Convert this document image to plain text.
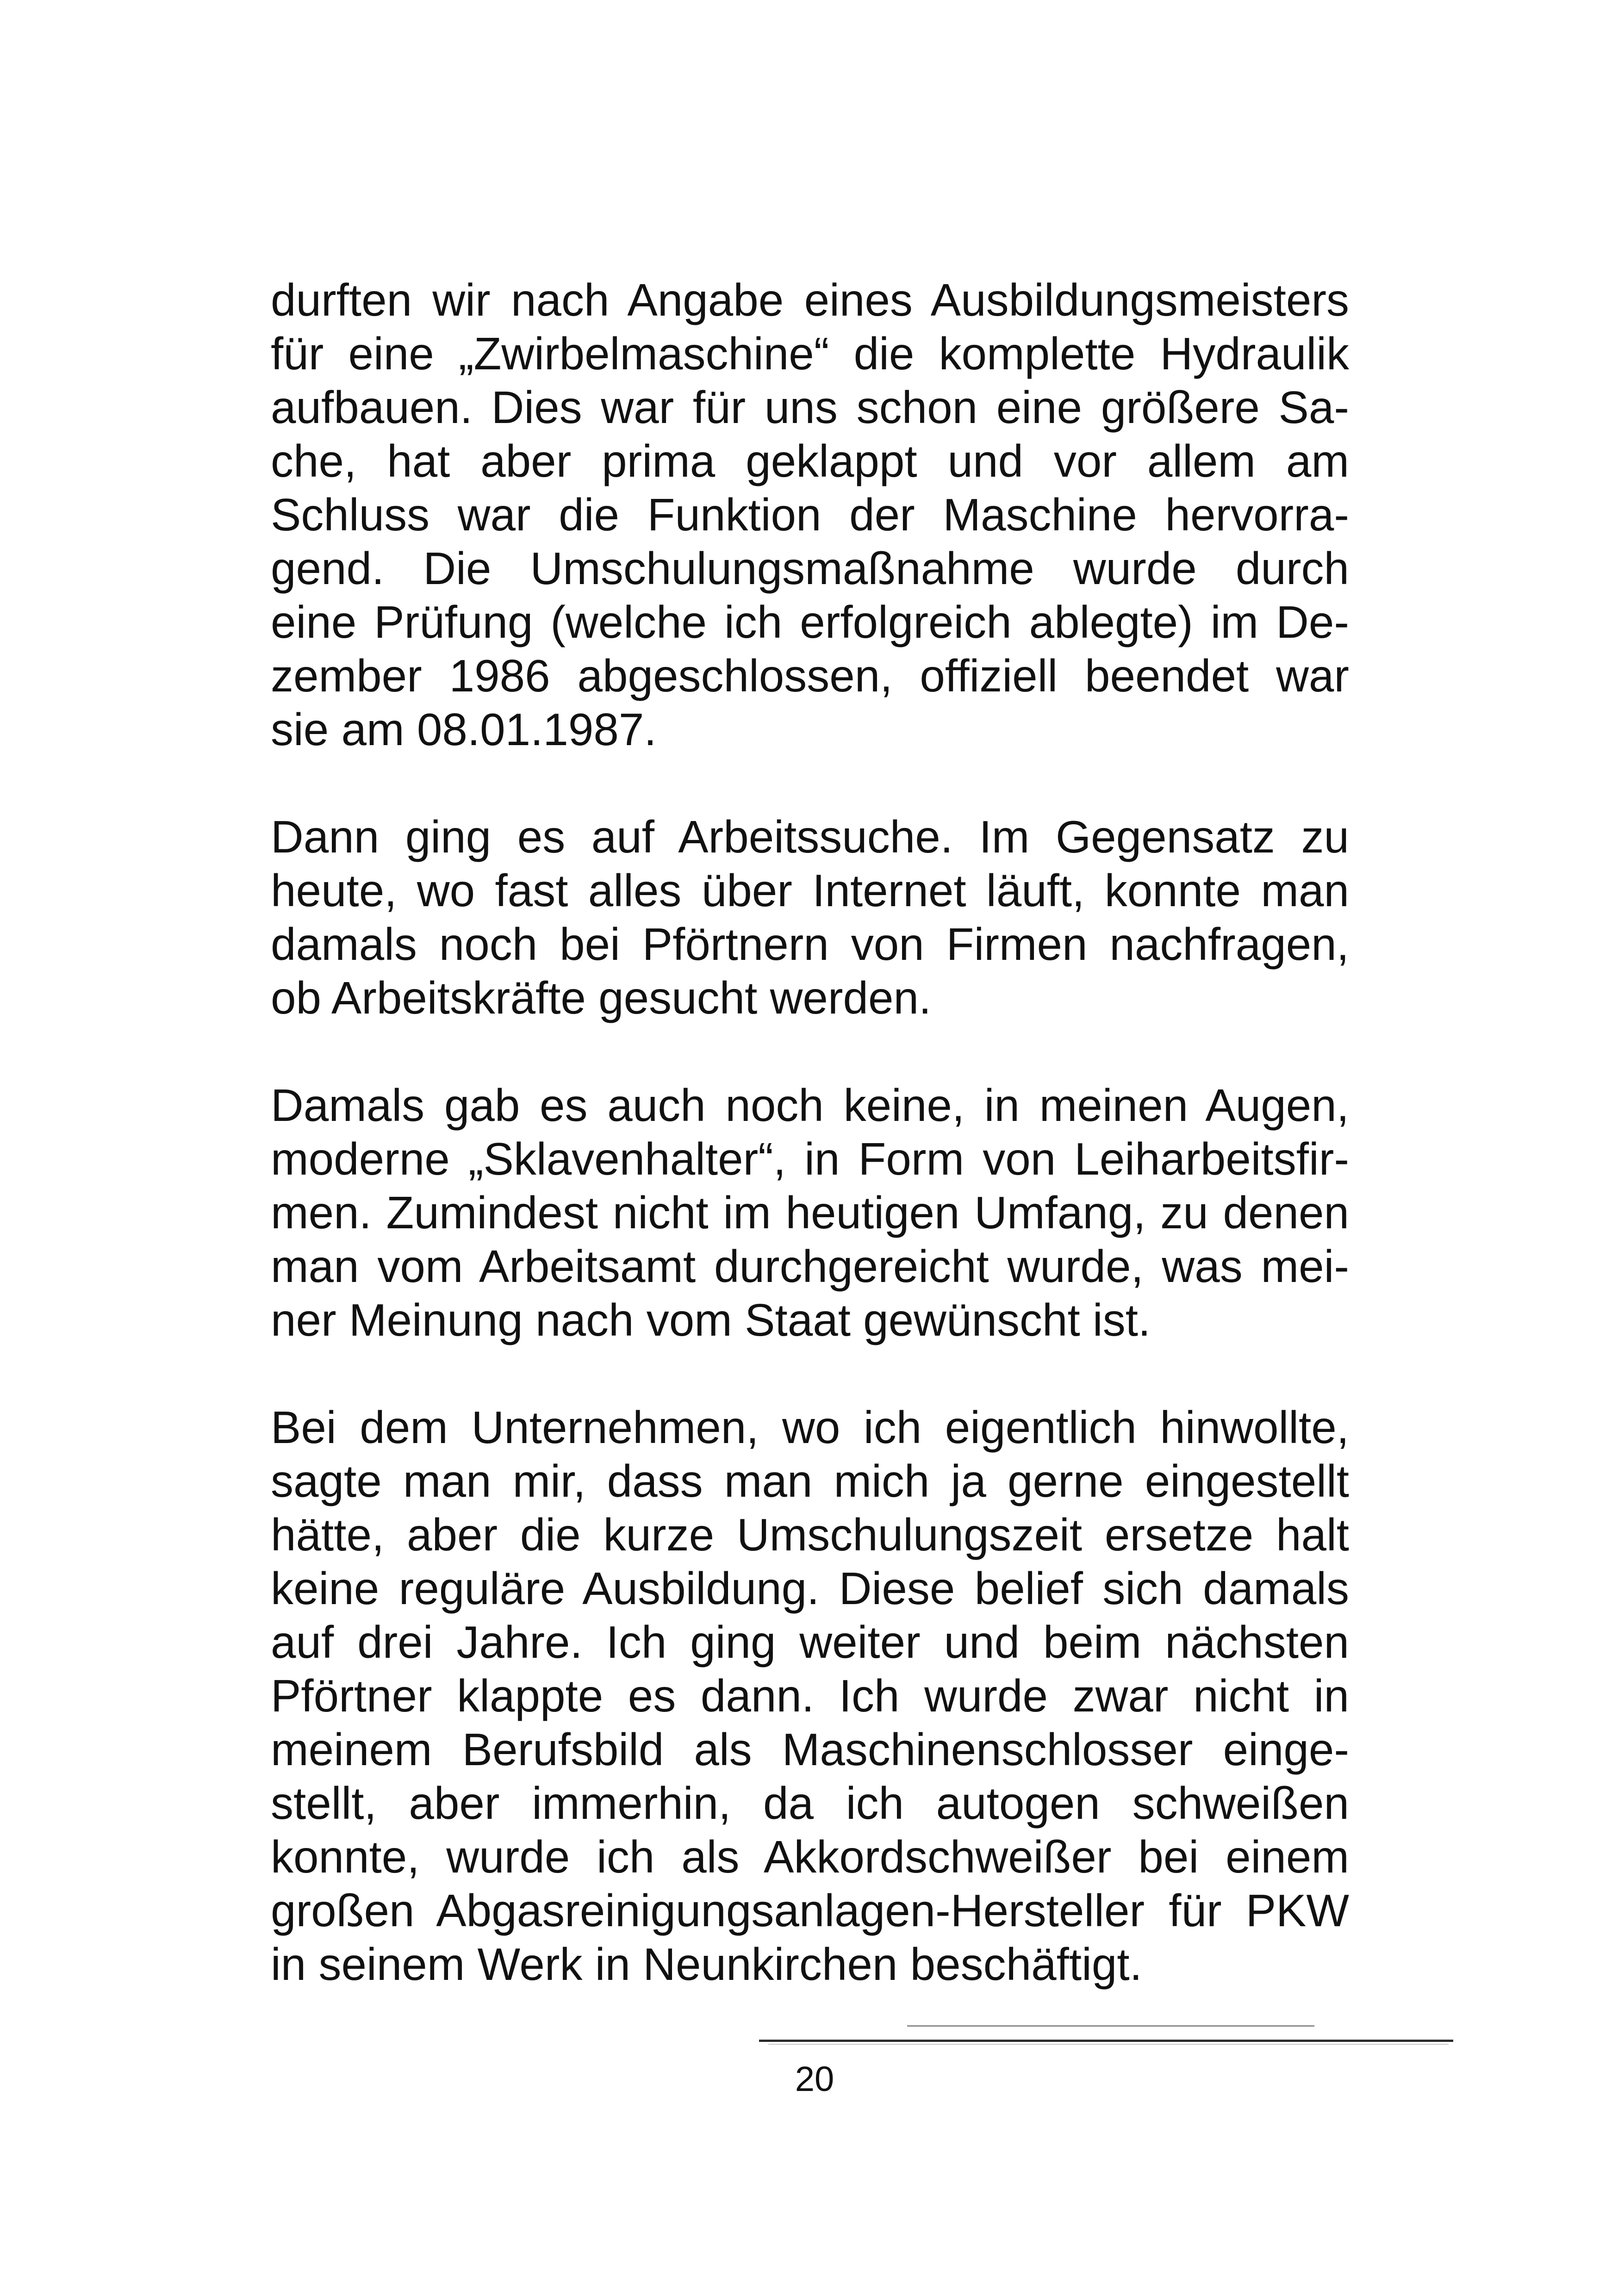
durften wir nach Angabe eines Ausbildungsmeisters
für eine „Zwirbelmaschine“ die komplette Hydraulik
aufbauen. Dies war für uns schon eine größere Sa-
che, hat aber prima geklappt und vor allem am
Schluss war die Funktion der Maschine hervorra-
gend. Die Umschulungsmaßnahme wurde durch
eine Prüfung (welche ich erfolgreich ablegte) im De-
zember 1986 abgeschlossen, offiziell beendet war
sie am 08.01.1987.
Dann ging es auf Arbeitssuche. Im Gegensatz zu
heute, wo fast alles über Internet läuft, konnte man
damals noch bei Pförtnern von Firmen nachfragen,
ob Arbeitskräfte gesucht werden.
Damals gab es auch noch keine, in meinen Augen,
moderne „Sklavenhalter“, in Form von Leiharbeitsfir-
men. Zumindest nicht im heutigen Umfang, zu denen
man vom Arbeitsamt durchgereicht wurde, was mei-
ner Meinung nach vom Staat gewünscht ist.
Bei dem Unternehmen, wo ich eigentlich hinwollte,
sagte man mir, dass man mich ja gerne eingestellt
hätte, aber die kurze Umschulungszeit ersetze halt
keine reguläre Ausbildung. Diese belief sich damals
auf drei Jahre. Ich ging weiter und beim nächsten
Pförtner klappte es dann. Ich wurde zwar nicht in
meinem Berufsbild als Maschinenschlosser einge-
stellt, aber immerhin, da ich autogen schweißen
konnte, wurde ich als Akkordschweißer bei einem
großen Abgasreinigungsanlagen-Hersteller für PKW
in seinem Werk in Neunkirchen beschäftigt.
20
